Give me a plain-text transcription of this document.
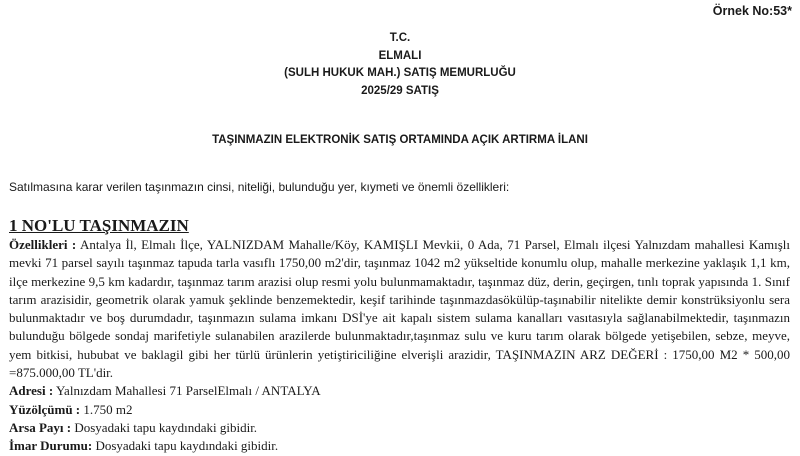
Örnek No:53*
T.C.
ELMALI
(SULH HUKUK MAH.) SATIŞ MEMURLUĞU
2025/29 SATIŞ
TAŞINMAZIN ELEKTRONİK SATIŞ ORTAMINDA AÇIK ARTIRMA İLANI
Satılmasına karar verilen taşınmazın cinsi, niteliği, bulunduğu yer, kıymeti ve önemli özellikleri:
1 NO'LU TAŞINMAZIN
Özellikleri : Antalya İl, Elmalı İlçe, YALNIZDAM Mahalle/Köy, KAMIŞLI Mevkii, 0 Ada, 71 Parsel, Elmalı ilçesi Yalnızdam mahallesi Kamışlı mevki 71 parsel sayılı taşınmaz tapuda tarla vasıflı 1750,00 m2'dir, taşınmaz 1042 m2 yükseltide konumlu olup, mahalle merkezine yaklaşık 1,1 km, ilçe merkezine 9,5 km kadardır, taşınmaz tarım arazisi olup resmi yolu bulunmamaktadır, taşınmaz düz, derin, geçirgen, tınlı toprak yapısında 1. Sınıf tarım arazisidir, geometrik olarak yamuk şeklinde benzemektedir, keşif tarihinde taşınmazdasökülüp-taşınabilir nitelikte demir konstrüksiyonlu sera bulunmaktadır ve boş durumdadır, taşınmazın sulama imkanı DSİ'ye ait kapalı sistem sulama kanalları vasıtasıyla sağlanabilmektedir, taşınmazın bulunduğu bölgede sondaj marifetiyle sulanabilen arazilerde bulunmaktadır,taşınmaz sulu ve kuru tarım olarak bölgede yetişebilen, sebze, meyve, yem bitkisi, hububat ve baklagil gibi her türlü ürünlerin yetiştiriciliğine elverişli arazidir, TAŞINMAZIN ARZ DEĞERİ : 1750,00 M2 * 500,00 =875.000,00 TL'dir.
Adresi : Yalnızdam Mahallesi 71 ParselElmalı / ANTALYA
Yüzölçümü : 1.750 m2
Arsa Payı : Dosyadaki tapu kaydındaki gibidir.
İmar Durumu: Dosyadaki tapu kaydındaki gibidir.
